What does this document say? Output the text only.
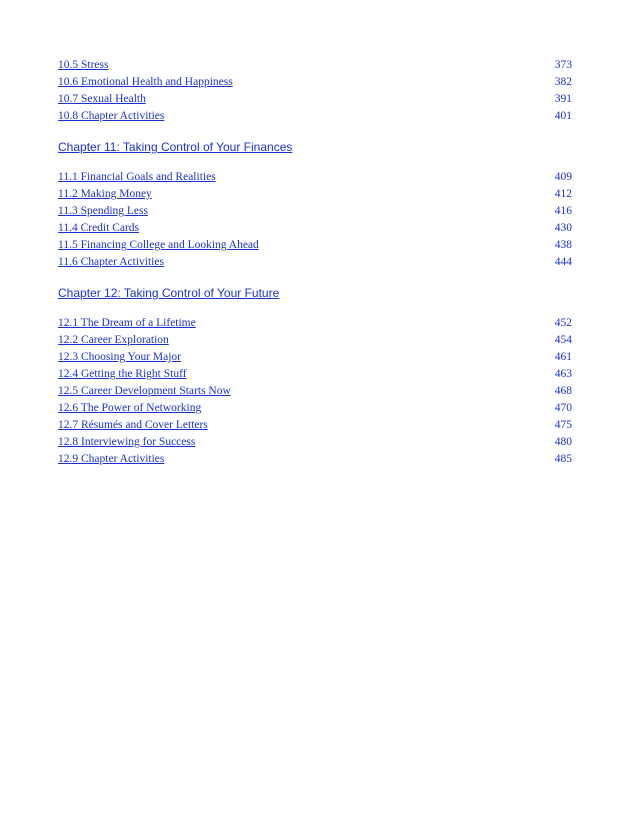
10.5 Stress	373
10.6 Emotional Health and Happiness	382
10.7 Sexual Health	391
10.8 Chapter Activities	401
Chapter 11: Taking Control of Your Finances
11.1 Financial Goals and Realities	409
11.2 Making Money	412
11.3 Spending Less	416
11.4 Credit Cards	430
11.5 Financing College and Looking Ahead	438
11.6 Chapter Activities	444
Chapter 12: Taking Control of Your Future
12.1 The Dream of a Lifetime	452
12.2 Career Exploration	454
12.3 Choosing Your Major	461
12.4 Getting the Right Stuff	463
12.5 Career Development Starts Now	468
12.6 The Power of Networking	470
12.7 Résumés and Cover Letters	475
12.8 Interviewing for Success	480
12.9 Chapter Activities	485
